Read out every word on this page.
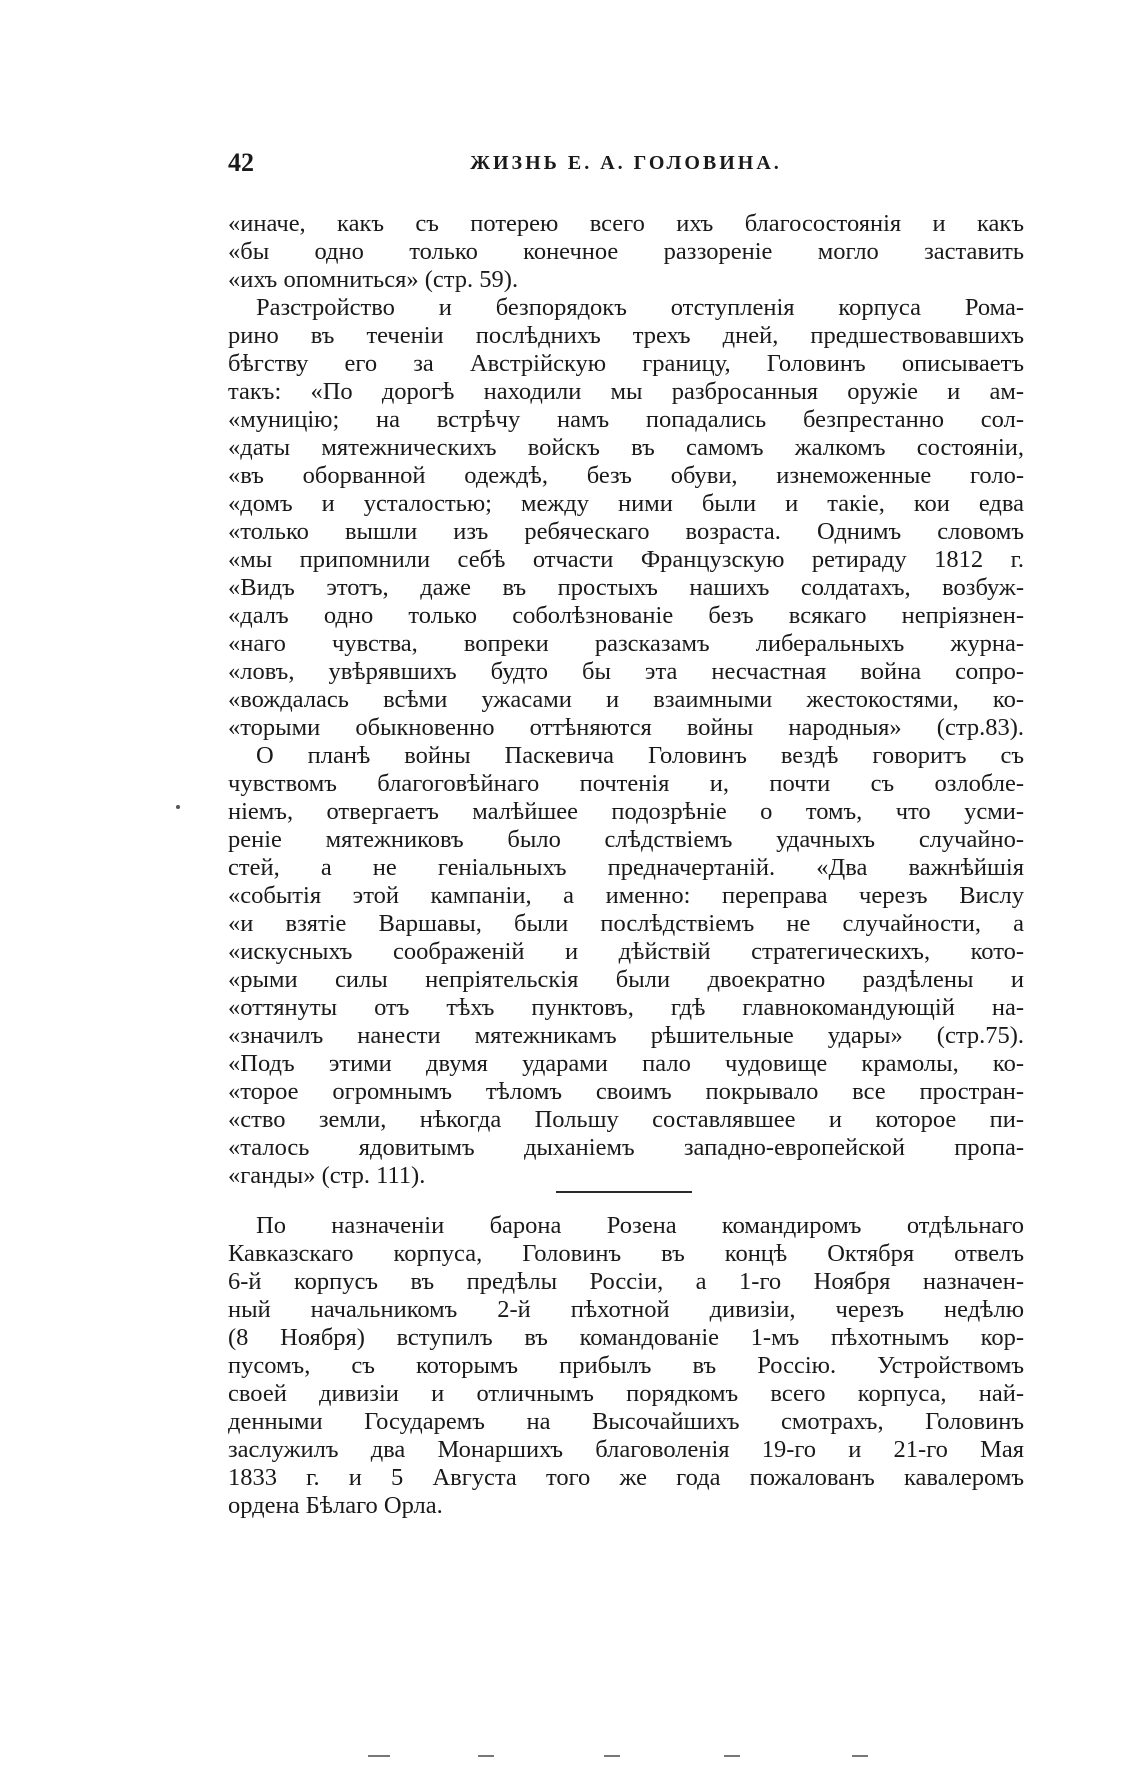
42	ЖИЗНЬ Е. А. ГОЛОВИНА.
«иначе, какъ съ потерею всего ихъ благосостоянія и какъ
«бы одно только конечное раззореніе могло заставить
«ихъ опомниться» (стр. 59).
Разстройство и безпорядокъ отступленія корпуса Рома-
рино въ теченіи послѣднихъ трехъ дней, предшествовавшихъ
бѣгству его за Австрійскую границу, Головинъ описываетъ
такъ: «По дорогѣ находили мы разбросанныя оружіе и ам-
«муницію; на встрѣчу намъ попадались безпрестанно сол-
«даты мятежническихъ войскъ въ самомъ жалкомъ состояніи,
«въ оборванной одеждѣ, безъ обуви, изнеможенные голо-
«домъ и усталостью; между ними были и такіе, кои едва
«только вышли изъ ребяческаго возраста. Однимъ словомъ
«мы припомнили себѣ отчасти Французскую ретираду 1812 г.
«Видъ этотъ, даже въ простыхъ нашихъ солдатахъ, возбуж-
«далъ одно только соболѣзнованіе безъ всякаго непріязнен-
«наго чувства, вопреки разсказамъ либеральныхъ журна-
«ловъ, увѣрявшихъ будто бы эта несчастная война сопро-
«вождалась всѣми ужасами и взаимными жестокостями, ко-
«торыми обыкновенно оттѣняются войны народныя» (стр.83).
О планѣ войны Паскевича Головинъ вездѣ говоритъ съ
чувствомъ благоговѣйнаго почтенія и, почти съ озлобле-
ніемъ, отвергаетъ малѣйшее подозрѣніе о томъ, что усми-
реніе мятежниковъ было слѣдствіемъ удачныхъ случайно-
стей, а не геніальныхъ предначертаній. «Два важнѣйшія
«событія этой кампаніи, а именно: переправа черезъ Вислу
«и взятіе Варшавы, были послѣдствіемъ не случайности, а
«искусныхъ соображеній и дѣйствій стратегическихъ, кото-
«рыми силы непріятельскія были двоекратно раздѣлены и
«оттянуты отъ тѣхъ пунктовъ, гдѣ главнокомандующій на-
«значилъ нанести мятежникамъ рѣшительные удары» (стр.75).
«Подъ этими двумя ударами пало чудовище крамолы, ко-
«торое огромнымъ тѣломъ своимъ покрывало все простран-
«ство земли, нѣкогда Польшу составлявшее и которое пи-
«талось ядовитымъ дыханіемъ западно-европейской пропа-
«ганды» (стр. 111).
По назначеніи барона Розена командиромъ отдѣльнаго
Кавказскаго корпуса, Головинъ въ концѣ Октября отвелъ
6-й корпусъ въ предѣлы Россіи, а 1-го Ноября назначен-
ный начальникомъ 2-й пѣхотной дивизіи, черезъ недѣлю
(8 Ноября) вступилъ въ командованіе 1-мъ пѣхотнымъ кор-
пусомъ, съ которымъ прибылъ въ Россію. Устройствомъ
своей дивизіи и отличнымъ порядкомъ всего корпуса, най-
денными Государемъ на Высочайшихъ смотрахъ, Головинъ
заслужилъ два Монаршихъ благоволенія 19-го и 21-го Мая
1833 г. и 5 Августа того же года пожалованъ кавалеромъ
ордена Бѣлаго Орла.
